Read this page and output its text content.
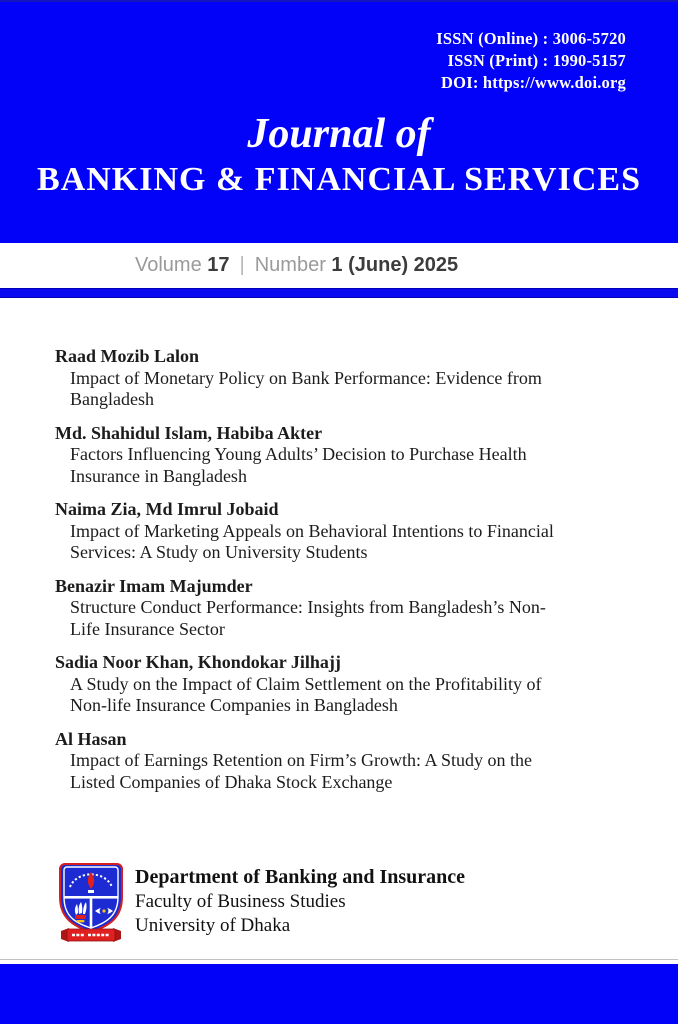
ISSN (Online) : 3006-5720
ISSN (Print) : 1990-5157
DOI: https://www.doi.org
Journal of
BANKING & FINANCIAL SERVICES
Volume 17 | Number 1 (June) 2025
Raad Mozib Lalon
Impact of Monetary Policy on Bank Performance: Evidence from Bangladesh
Md. Shahidul Islam, Habiba Akter
Factors Influencing Young Adults’ Decision to Purchase Health
Insurance in Bangladesh
Naima Zia, Md Imrul Jobaid
Impact of Marketing Appeals on Behavioral Intentions to Financial
Services: A Study on University Students
Benazir Imam Majumder
Structure Conduct Performance: Insights from Bangladesh’s Non-
Life Insurance Sector
Sadia Noor Khan, Khondokar Jilhajj
A Study on the Impact of Claim Settlement on the Profitability of
Non-life Insurance Companies in Bangladesh
Al Hasan
Impact of Earnings Retention on Firm’s Growth: A Study on the
Listed Companies of Dhaka Stock Exchange
Department of Banking and Insurance
Faculty of Business Studies
University of Dhaka
